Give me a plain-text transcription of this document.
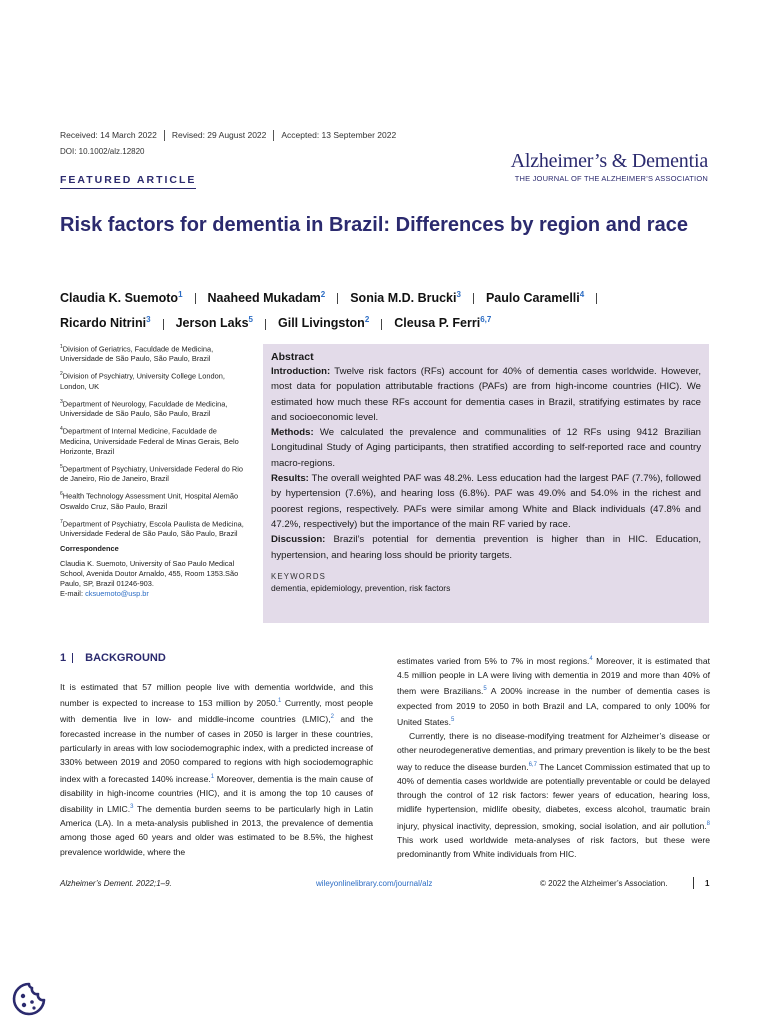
Received: 14 March 2022 Revised: 29 August 2022 Accepted: 13 September 2022
DOI: 10.1002/alz.12820	Alzheimer’s & Dementia
THE JOURNAL OF THE ALZHEIMER’S ASSOCIATION
FEATURED ARTICLE
Risk factors for dementia in Brazil: Differences by region and race
Claudia K. Suemoto$^1$ Naaheed Mukadam$^2$ Sonia M.D. Brucki$^3$ Paulo Caramelli$^4$
Ricardo Nitrini$^3$ Jerson Laks$^5$ Gill Livingston$^2$ Cleusa P. Ferri$^{6,7}$

$^1$Division of Geriatrics, Faculdade de Medicina, Universidade de São Paulo, São Paulo, Brazil

$^2$Division of Psychiatry, University College London, London, UK

$^3$Department of Neurology, Faculdade de Medicina, Universidade de São Paulo, São Paulo, Brazil

$^4$Department of Internal Medicine, Faculdade de Medicina, Universidade Federal de Minas Gerais, Belo Horizonte, Brazil

$^5$Department of Psychiatry, Universidade Federal do Rio de Janeiro, Rio de Janeiro, Brazil

$^6$Health Technology Assessment Unit, Hospital Alemão Oswaldo Cruz, São Paulo, Brazil

$^7$Department of Psychiatry, Escola Paulista de Medicina, Universidade Federal de São Paulo, São Paulo, Brazil

Correspondence

Claudia K. Suemoto, University of Sao Paulo Medical School, Avenida Doutor Arnaldo, 455, Room 1353.São Paulo, SP, Brazil 01246-903.
E-mail: cksuemoto@usp.br

Abstract

Introduction: Twelve risk factors (RFs) account for 40% of dementia cases worldwide. However, most data for population attributable fractions (PAFs) are from high-income countries (HIC). We estimated how much these RFs account for dementia cases in Brazil, stratifying estimates by race and socioeconomic level.

Methods: We calculated the prevalence and communalities of 12 RFs using 9412 Brazilian Longitudinal Study of Aging participants, then stratified according to self-reported race and country macro-regions.

Results: The overall weighted PAF was 48.2%. Less education had the largest PAF (7.7%), followed by hypertension (7.6%), and hearing loss (6.8%). PAF was 49.0% and 54.0% in the richest and poorest regions, respectively. PAFs were similar among White and Black individuals (47.8% and 47.2%, respectively) but the importance of the main RF varied by race.

Discussion: Brazil’s potential for dementia prevention is higher than in HIC. Education, hypertension, and hearing loss should be priority targets.

KEYWORDS
dementia, epidemiology, prevention, risk factors
1 BACKGROUND

It is estimated that 57 million people live with dementia worldwide, and this number is expected to increase to 153 million by 2050.$^1$ Currently, most people with dementia live in low- and middle-income countries (LMIC),$^2$ and the forecasted increase in the number of cases in 2050 is larger in these countries, particularly in areas with low sociodemographic index, with a predicted increase of 330% between 2019 and 2050 compared to regions with high sociodemographic index with a forecasted 140% increase.$^1$ Moreover, dementia is the main cause of disability in high-income countries (HIC), and it is among the top 10 causes of disability in LMIC.$^3$ The dementia burden seems to be particularly high in Latin America (LA). In a meta-analysis published in 2013, the prevalence of dementia among those aged 60 years and older was estimated to be 8.5%, the highest prevalence worldwide, where the

estimates varied from 5% to 7% in most regions.$^4$ Moreover, it is estimated that 4.5 million people in LA were living with dementia in 2019 and more than 40% of them were Brazilians.$^5$ A 200% increase in the number of dementia cases is expected from 2019 to 2050 in both Brazil and LA, compared to only 100% for United States.$^5$

Currently, there is no disease-modifying treatment for Alzheimer’s disease or other neurodegenerative dementias, and primary prevention is likely to be the best way to reduce the disease burden.$^{6,7}$ The Lancet Commission estimated that up to 40% of dementia cases worldwide are potentially preventable or could be delayed through the control of 12 risk factors: fewer years of education, hearing loss, midlife hypertension, midlife obesity, diabetes, excess alcohol, traumatic brain injury, physical inactivity, depression, smoking, social isolation, and air pollution.$^8$ This work used worldwide meta-analyses of risk factors, but these were predominantly from White individuals from HIC.

Alzheimer’s Dement. 2022;1–9.	wileyonlinelibrary.com/journal/alz	© 2022 the Alzheimer’s Association.	1
